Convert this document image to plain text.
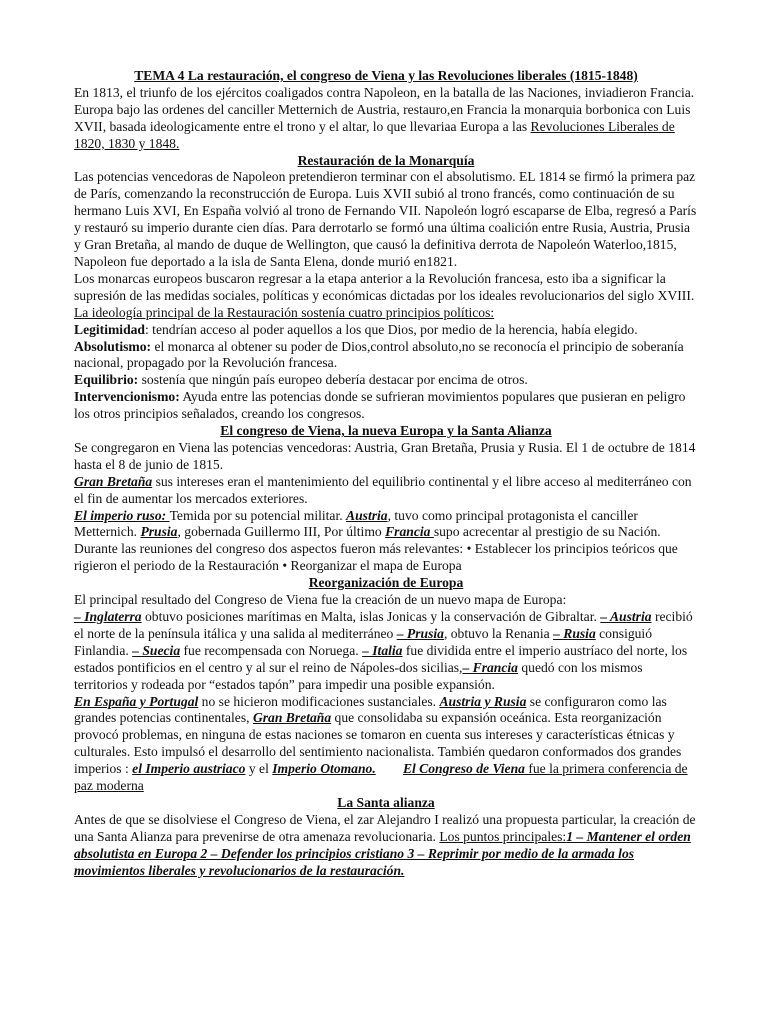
TEMA 4 La restauración, el congreso de Viena y las Revoluciones liberales (1815-1848)

En 1813, el triunfo de los ejércitos coaligados contra Napoleon, en la batalla de las Naciones, inviadieron Francia. Europa bajo las ordenes del canciller Metternich de Austria, restauro,en Francia la monarquia borbonica con Luis XVII, basada ideologicamente entre el trono y el altar, lo que llevariaa Europa a las Revoluciones Liberales de 1820, 1830 y 1848.

Restauración de la Monarquía

Las potencias vencedoras de Napoleon pretendieron terminar con el absolutismo. EL 1814 se firmó la primera paz de París, comenzando la reconstrucción de Europa. Luis XVII subió al trono francés, como continuación de su hermano Luis XVI, En España volvió al trono de Fernando VII. Napoleón logró escaparse de Elba, regresó a París y restauró su imperio durante cien días. Para derrotarlo se formó una última coalición entre Rusia, Austria, Prusia y Gran Bretaña, al mando de duque de Wellington, que causó la definitiva derrota de Napoleón Waterloo,1815, Napoleon fue deportado a la isla de Santa Elena, donde murió en1821.

Los monarcas europeos buscaron regresar a la etapa anterior a la Revolución francesa, esto iba a significar la supresión de las medidas sociales, políticas y económicas dictadas por los ideales revolucionarios del siglo XVIII.

La ideología principal de la Restauración sostenía cuatro principios políticos:

Legitimidad: tendrían acceso al poder aquellos a los que Dios, por medio de la herencia, había elegido. Absolutismo: el monarca al obtener su poder de Dios,control absoluto,no se reconocía el principio de soberanía nacional, propagado por la Revolución francesa.

Equilibrio: sostenía que ningún país europeo debería destacar por encima de otros.

Intervencionismo: Ayuda entre las potencias donde se sufrieran movimientos populares que pusieran en peligro los otros principios señalados, creando los congresos.

El congreso de Viena, la nueva Europa y la Santa Alianza

Se congregaron en Viena las potencias vencedoras: Austria, Gran Bretaña, Prusia y Rusia. El 1 de octubre de 1814 hasta el 8 de junio de 1815.

Gran Bretaña sus intereses eran el mantenimiento del equilibrio continental y el libre acceso al mediterráneo con el fin de aumentar los mercados exteriores.

El imperio ruso: Temida por su potencial militar. Austria, tuvo como principal protagonista el canciller Metternich. Prusia, gobernada Guillermo III, Por último Francia supo acrecentar al prestigio de su Nación.

Durante las reuniones del congreso dos aspectos fueron más relevantes: • Establecer los principios teóricos que rigieron el periodo de la Restauración • Reorganizar el mapa de Europa

Reorganización de Europa

El principal resultado del Congreso de Viena fue la creación de un nuevo mapa de Europa:

– Inglaterra obtuvo posiciones marítimas en Malta, islas Jonicas y la conservación de Gibraltar. – Austria recibió el norte de la península itálica y una salida al mediterráneo – Prusia, obtuvo la Renania – Rusia consiguió Finlandia. – Suecia fue recompensada con Noruega. – Italia fue dividida entre el imperio austríaco del norte, los estados pontificios en el centro y al sur el reino de Nápoles-dos sicilias,– Francia quedó con los mismos territorios y rodeada por “estados tapón” para impedir una posible expansión.

En España y Portugal no se hicieron modificaciones sustanciales. Austria y Rusia se configuraron como las grandes potencias continentales, Gran Bretaña que consolidaba su expansión oceánica. Esta reorganización provocó problemas, en ninguna de estas naciones se tomaron en cuenta sus intereses y características étnicas y culturales. Esto impulsó el desarrollo del sentimiento nacionalista. También quedaron conformados dos grandes imperios : el Imperio austriaco y el Imperio Otomano. El Congreso de Viena fue la primera conferencia de paz moderna

La Santa alianza

Antes de que se disolviese el Congreso de Viena, el zar Alejandro I realizó una propuesta particular, la creación de una Santa Alianza para prevenirse de otra amenaza revolucionaria. Los puntos principales:1 – Mantener el orden absolutista en Europa 2 – Defender los principios cristiano 3 – Reprimir por medio de la armada los movimientos liberales y revolucionarios de la restauración.
